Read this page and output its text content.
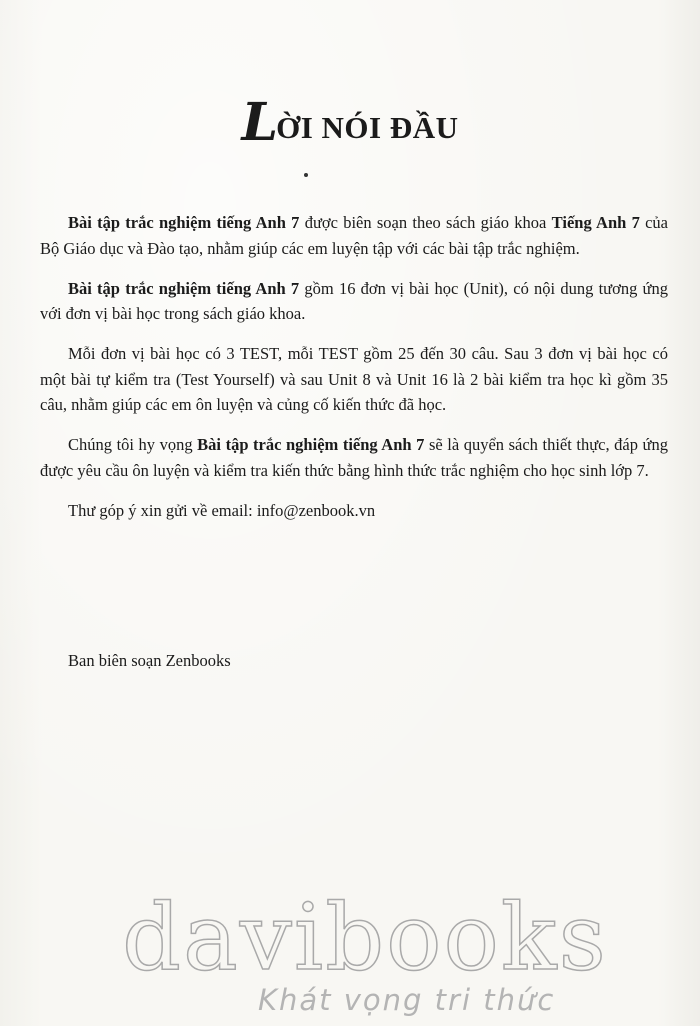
LỜI NÓI ĐẦU

Bài tập trắc nghiệm tiếng Anh 7 được biên soạn theo sách giáo khoa Tiếng Anh 7 của Bộ Giáo dục và Đào tạo, nhằm giúp các em luyện tập với các bài tập trắc nghiệm.

Bài tập trắc nghiệm tiếng Anh 7 gồm 16 đơn vị bài học (Unit), có nội dung tương ứng với đơn vị bài học trong sách giáo khoa.

Mỗi đơn vị bài học có 3 TEST, mỗi TEST gồm 25 đến 30 câu. Sau 3 đơn vị bài học có một bài tự kiểm tra (Test Yourself) và sau Unit 8 và Unit 16 là 2 bài kiểm tra học kì gồm 35 câu, nhằm giúp các em ôn luyện và củng cố kiến thức đã học.

Chúng tôi hy vọng Bài tập trắc nghiệm tiếng Anh 7 sẽ là quyển sách thiết thực, đáp ứng được yêu cầu ôn luyện và kiểm tra kiến thức bằng hình thức trắc nghiệm cho học sinh lớp 7.

Thư góp ý xin gửi về email: info@zenbook.vn

Ban biên soạn Zenbooks
davibooks
Khát vọng tri thức
